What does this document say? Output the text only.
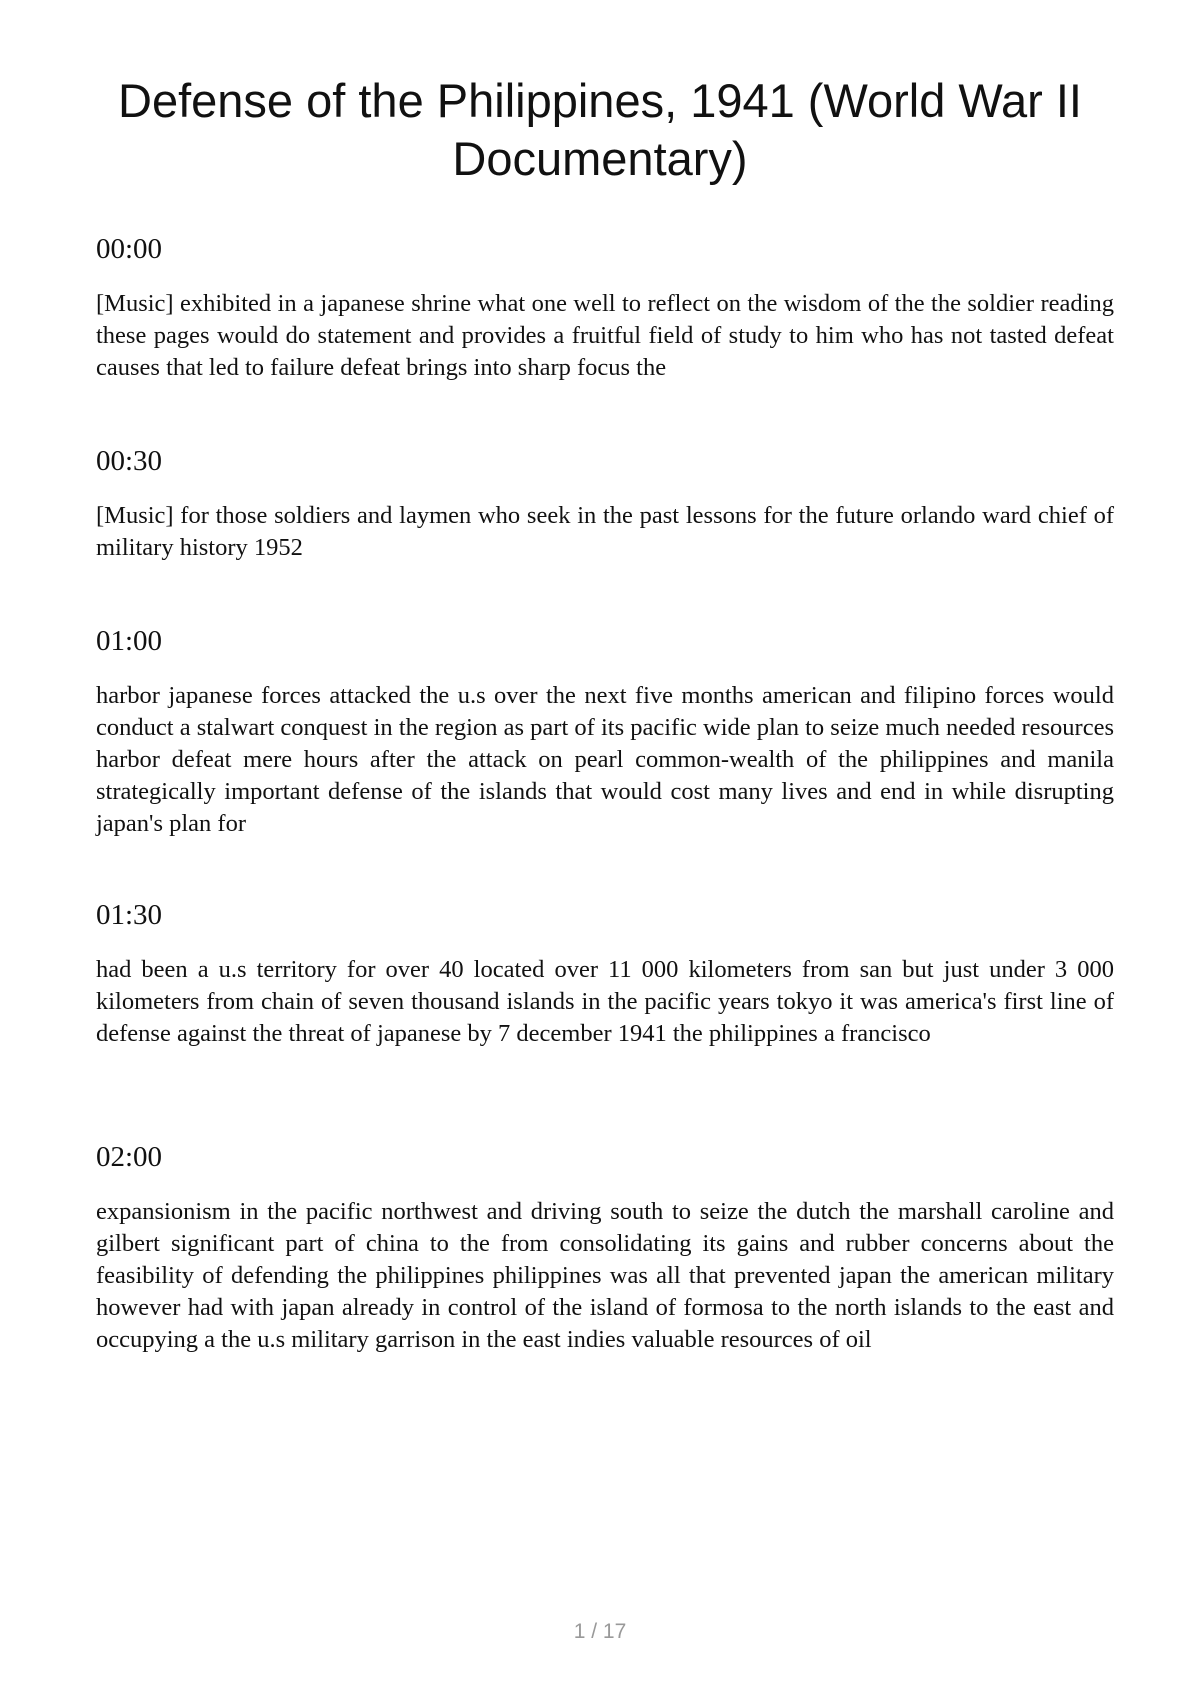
Defense of the Philippines, 1941 (World War II Documentary)

00:00

[Music] exhibited in a japanese shrine what one well to reflect on the wisdom of the the soldier reading these pages would do statement and provides a fruitful field of study to him who has not tasted defeat causes that led to failure defeat brings into sharp focus the

00:30

[Music] for those soldiers and laymen who seek in the past lessons for the future orlando ward chief of military history 1952

01:00

harbor japanese forces attacked the u.s over the next five months american and filipino forces would conduct a stalwart conquest in the region as part of its pacific wide plan to seize much needed resources harbor defeat mere hours after the attack on pearl common-wealth of the philippines and manila strategically important defense of the islands that would cost many lives and end in while disrupting japan's plan for

01:30

had been a u.s territory for over 40 located over 11 000 kilometers from san but just under 3 000 kilometers from chain of seven thousand islands in the pacific years tokyo it was america's first line of defense against the threat of japanese by 7 december 1941 the philippines a francisco

02:00

expansionism in the pacific northwest and driving south to seize the dutch the marshall caroline and gilbert significant part of china to the from consolidating its gains and rubber concerns about the feasibility of defending the philippines philippines was all that prevented japan the american military however had with japan already in control of the island of formosa to the north islands to the east and occupying a the u.s military garrison in the east indies valuable resources of oil

1 / 17
